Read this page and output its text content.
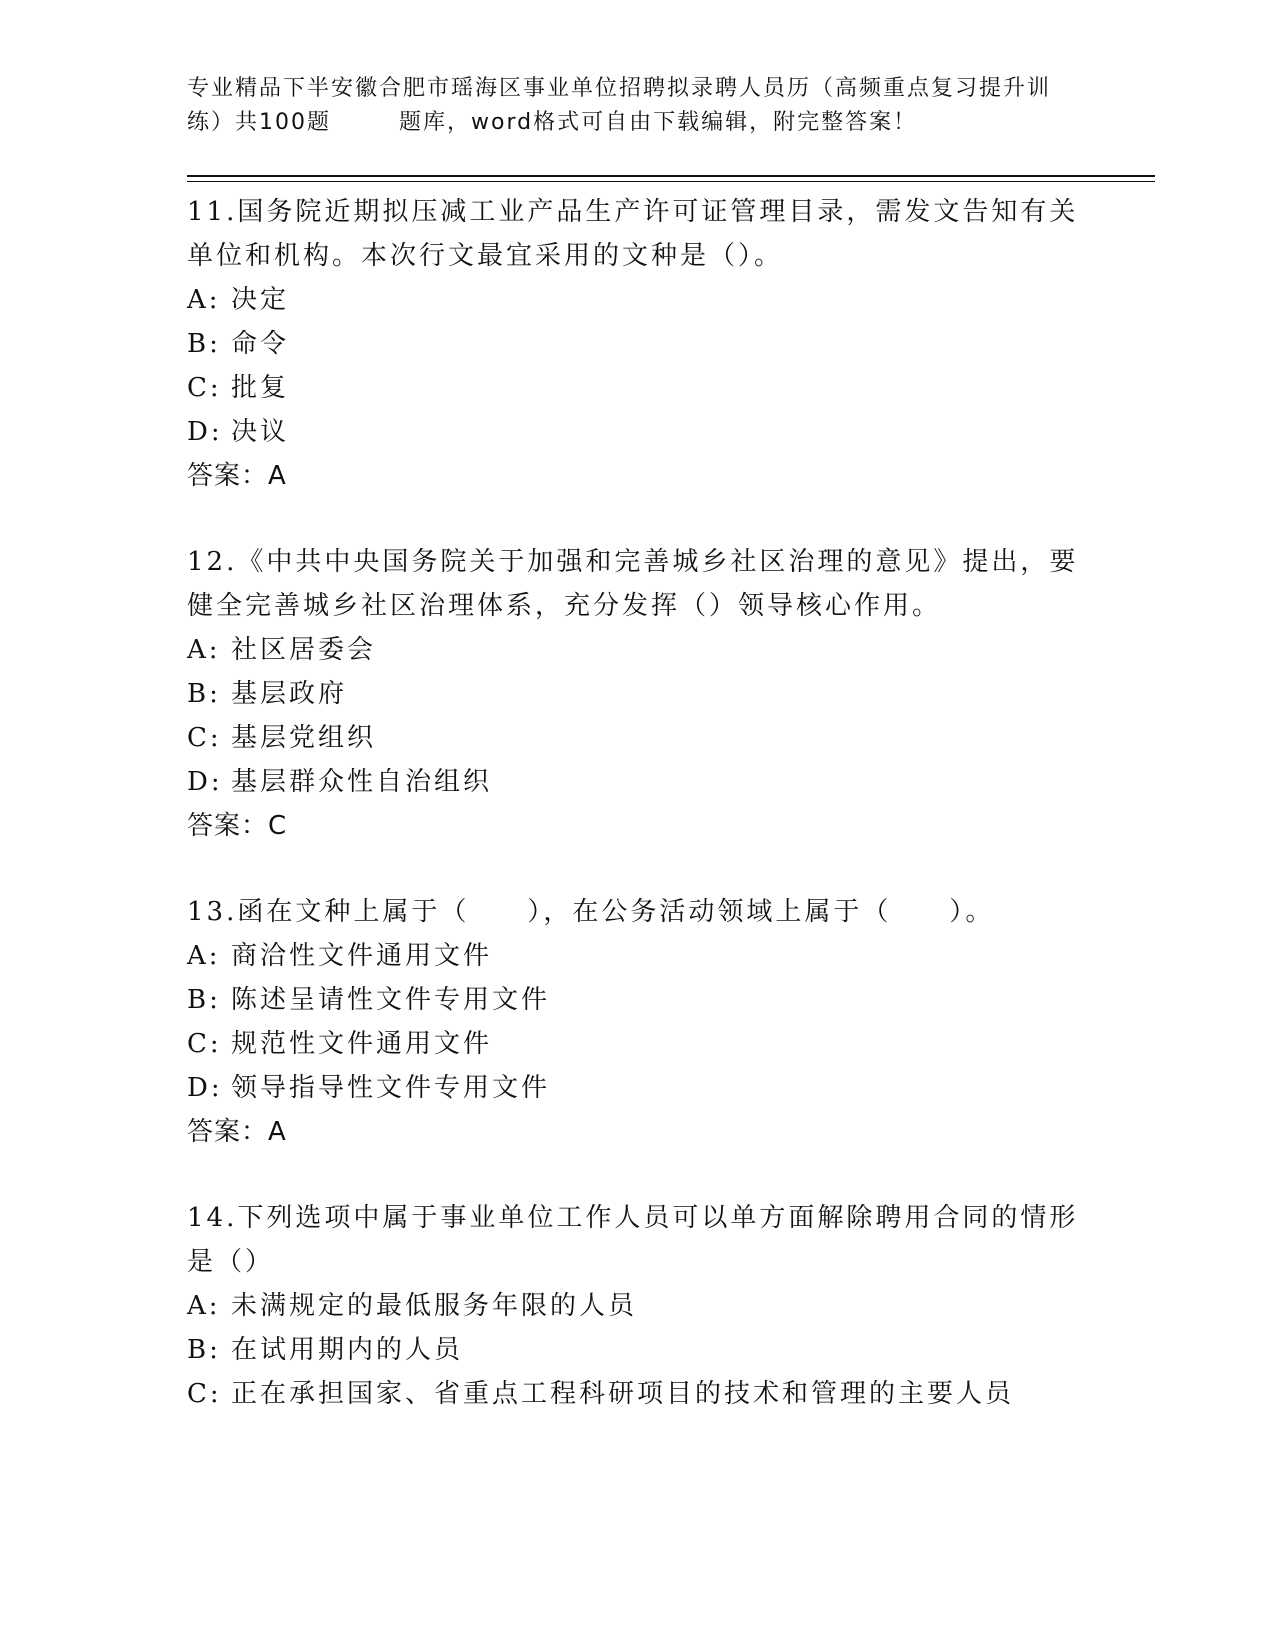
专业精品下半安徽合肥市瑶海区事业单位招聘拟录聘人员历（高频重点复习提升训
练）共100题	题库，word格式可自由下载编辑，附完整答案！

11.国务院近期拟压减工业产品生产许可证管理目录，需发文告知有关单位和机构。本次行文最宜采用的文种是（）。

A: 决定

B: 命令

C: 批复

D: 决议

答案：A

12.《中共中央国务院关于加强和完善城乡社区治理的意见》提出，要健全完善城乡社区治理体系，充分发挥（）领导核心作用。

A: 社区居委会

B: 基层政府

C: 基层党组织

D: 基层群众性自治组织

答案：C

13.函在文种上属于（　　），在公务活动领域上属于（　　）。

A: 商洽性文件通用文件

B: 陈述呈请性文件专用文件

C: 规范性文件通用文件

D: 领导指导性文件专用文件

答案：A

14.下列选项中属于事业单位工作人员可以单方面解除聘用合同的情形是（）

A: 未满规定的最低服务年限的人员

B: 在试用期内的人员

C: 正在承担国家、省重点工程科研项目的技术和管理的主要人员
